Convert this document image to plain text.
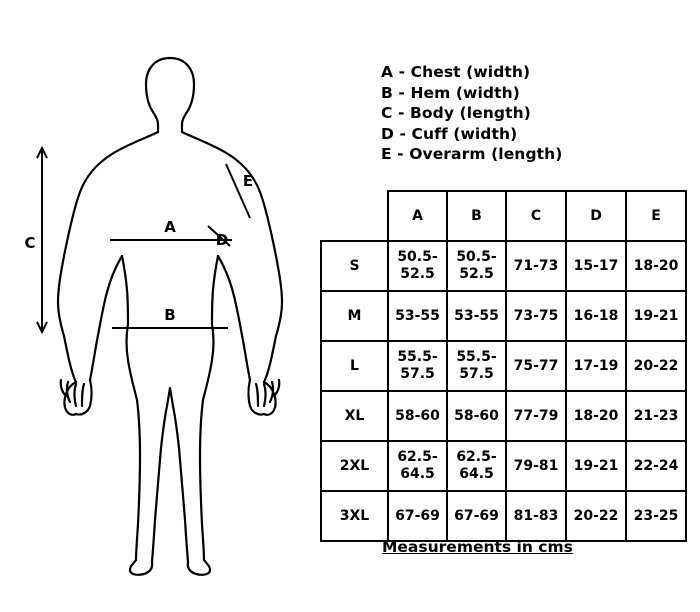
A
B
C	D
E
A - Chest (width)
B - Hem (width)
C - Body (length)
D - Cuff (width)
E - Overarm (length)
	A	B	C	D	E
S	50.5-52.5	50.5-52.5	71-73	15-17	18-20
M	53-55	53-55	73-75	16-18	19-21
L	55.5-57.5	55.5-57.5	75-77	17-19	20-22
XL	58-60	58-60	77-79	18-20	21-23
2XL	62.5-64.5	62.5-64.5	79-81	19-21	22-24
3XL	67-69	67-69	81-83	20-22	23-25
Measurements in cms
